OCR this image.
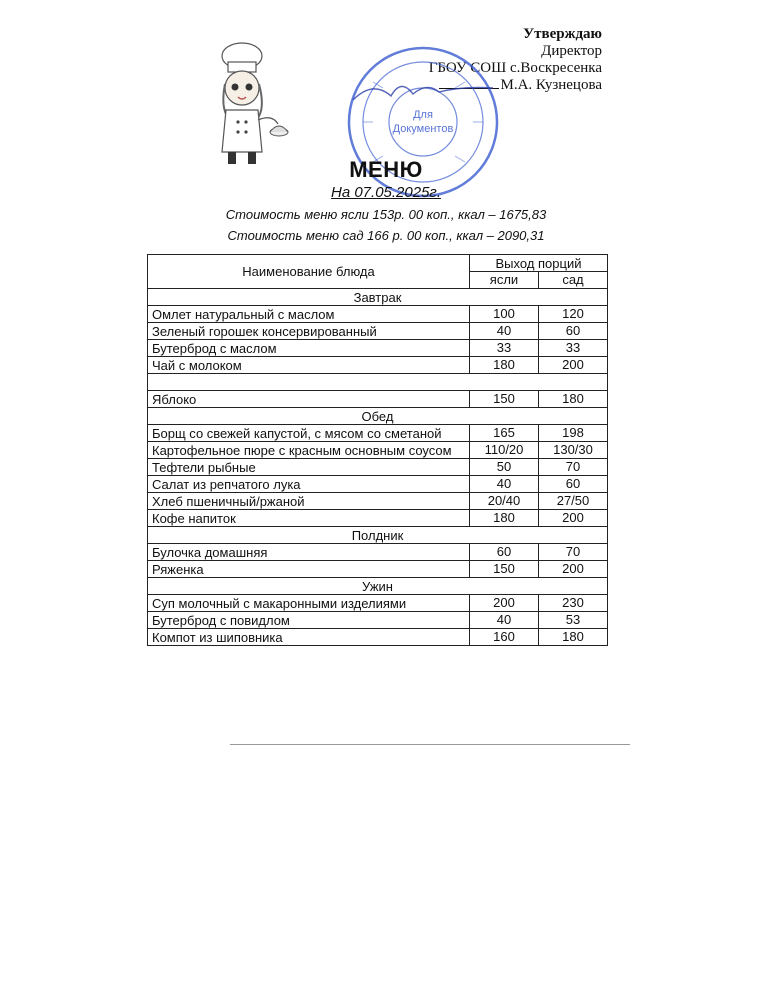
Утверждаю
Директор
ГБОУ СОШ с.Воскресенка
М.А. Кузнецова
Для
Документов
МЕНЮ
На 07.05.2025г.
Стоимость меню ясли 153р. 00 коп., ккал – 1675,83
Стоимость меню сад 166 р. 00 коп., ккал – 2090,31
Наименование блюда	Выход порций	
	ясли	сад
Завтрак		
Омлет натуральный с маслом	100	120
Зеленый горошек консервированный	40	60
Бутерброд с маслом	33	33
Чай с молоком	180	200

Яблоко	150	180
Обед		
Борщ со свежей капустой, с мясом со сметаной	165	198
Картофельное пюре с красным основным соусом	110/20	130/30
Тефтели рыбные	50	70
Салат из репчатого лука	40	60
Хлеб пшеничный/ржаной	20/40	27/50
Кофе напиток	180	200
Полдник		
Булочка домашняя	60	70
Ряженка	150	200
Ужин		
Суп молочный с макаронными изделиями	200	230
Бутерброд с повидлом	40	53
Компот из шиповника	160	180
